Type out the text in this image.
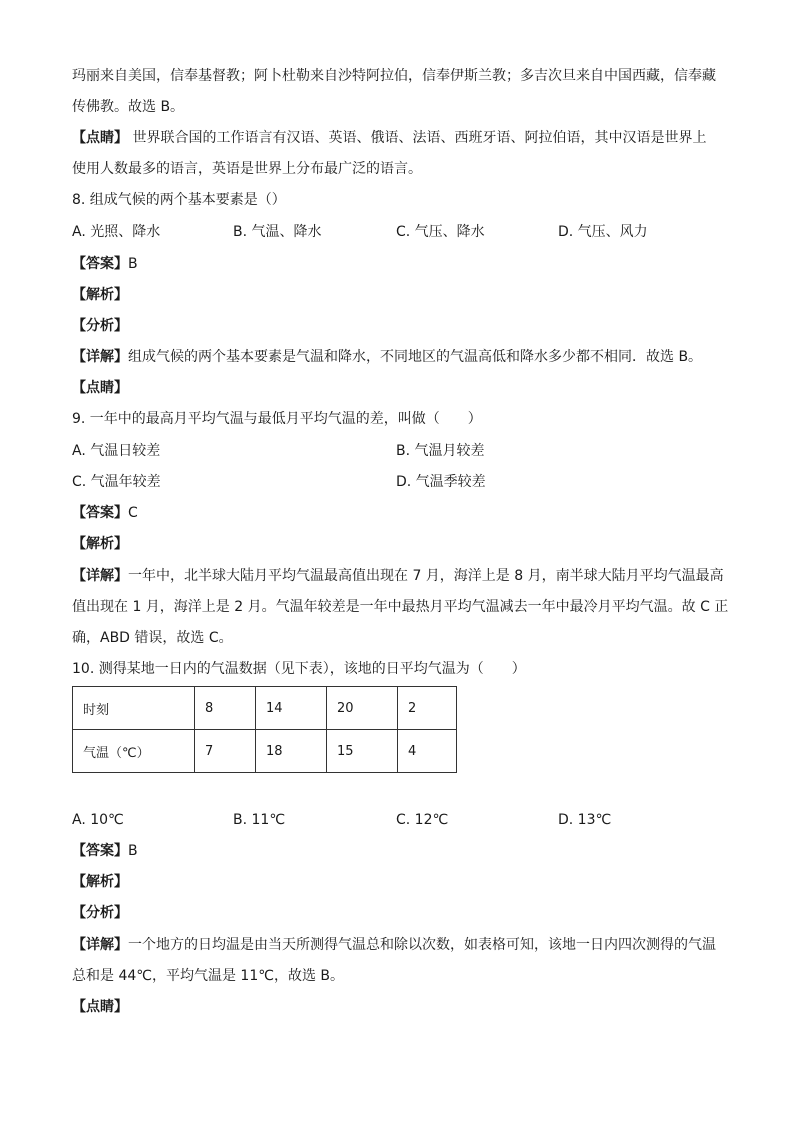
玛丽来自美国，信奉基督教；阿卜杜勒来自沙特阿拉伯，信奉伊斯兰教；多吉次旦来自中国西藏，信奉藏
传佛教。故选 B。
【点睛】 世界联合国的工作语言有汉语、英语、俄语、法语、西班牙语、阿拉伯语，其中汉语是世界上
使用人数最多的语言，英语是世界上分布最广泛的语言。
8. 组成气候的两个基本要素是（）
A. 光照、降水	B. 气温、降水	C. 气压、降水	D. 气压、风力
【答案】B
【解析】
【分析】
【详解】组成气候的两个基本要素是气温和降水，不同地区的气温高低和降水多少都不相同．故选 B。
【点睛】
9. 一年中的最高月平均气温与最低月平均气温的差，叫做（　　）
A. 气温日较差	B. 气温月较差
C. 气温年较差	D. 气温季较差
【答案】C
【解析】
【详解】一年中，北半球大陆月平均气温最高值出现在 7 月，海洋上是 8 月，南半球大陆月平均气温最高
值出现在 1 月，海洋上是 2 月。气温年较差是一年中最热月平均气温减去一年中最冷月平均气温。故 C 正
确，ABD 错误，故选 C。
10. 测得某地一日内的气温数据（见下表），该地的日平均气温为（　　）
时刻	8	14	20	2
气温（℃）	7	18	15	4
A. 10℃	B. 11℃	C. 12℃	D. 13℃
【答案】B
【解析】
【分析】
【详解】一个地方的日均温是由当天所测得气温总和除以次数，如表格可知，该地一日内四次测得的气温
总和是 44℃，平均气温是 11℃，故选 B。
【点睛】
